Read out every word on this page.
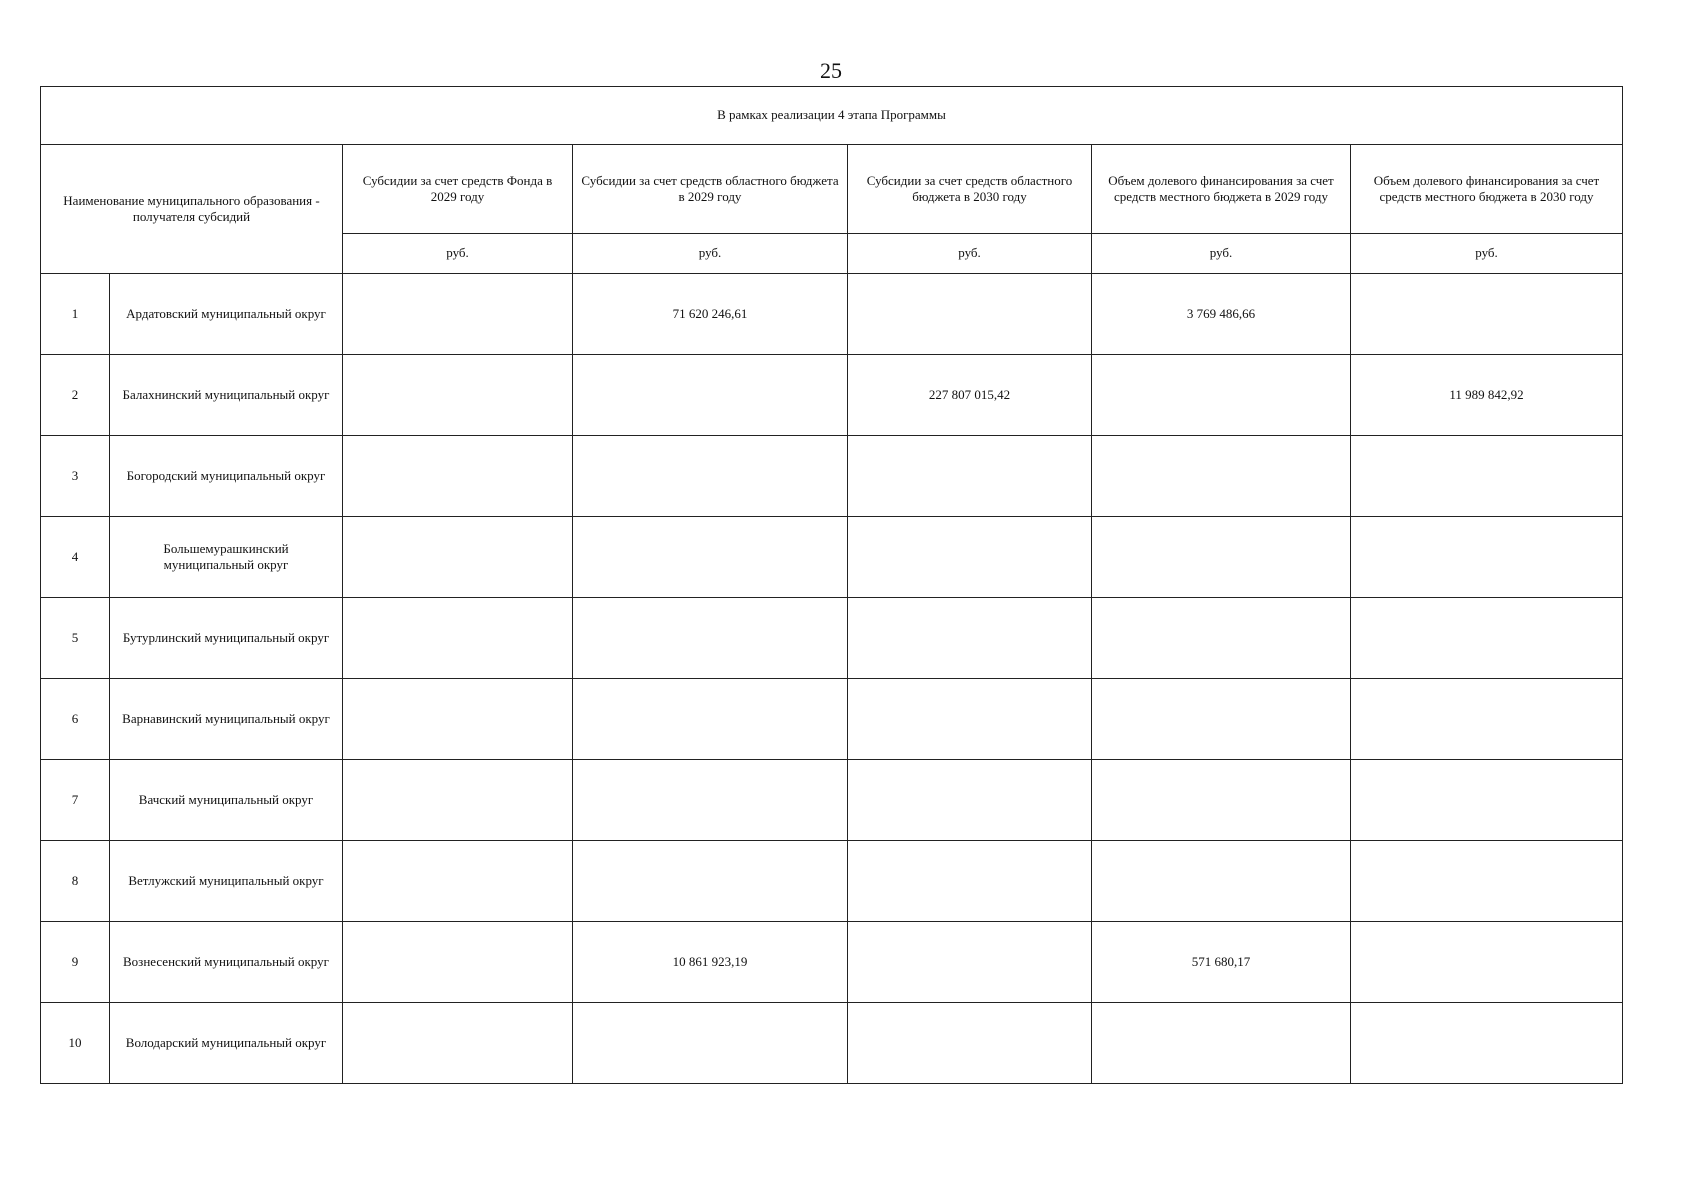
25
В рамках реализации 4 этапа Программы						
Наименование муниципального образования - получателя субсидий		Субсидии за счет средств Фонда в 2029 году	Субсидии за счет средств областного бюджета в 2029 году	Субсидии за счет средств областного бюджета в 2030 году	Объем долевого финансирования за счет средств местного бюджета в 2029 году	Объем долевого финансирования за счет средств местного бюджета в 2030 году
		руб.	руб.	руб.	руб.	руб.
1	Ардатовский муниципальный округ		71 620 246,61		3 769 486,66	
2	Балахнинский муниципальный округ			227 807 015,42		11 989 842,92
3	Богородский муниципальный округ					
4	Большемурашкинский муниципальный округ					
5	Бутурлинский муниципальный округ					
6	Варнавинский муниципальный округ					
7	Вачский муниципальный округ					
8	Ветлужский муниципальный округ					
9	Вознесенский муниципальный округ		10 861 923,19		571 680,17	
10	Володарский муниципальный округ					
